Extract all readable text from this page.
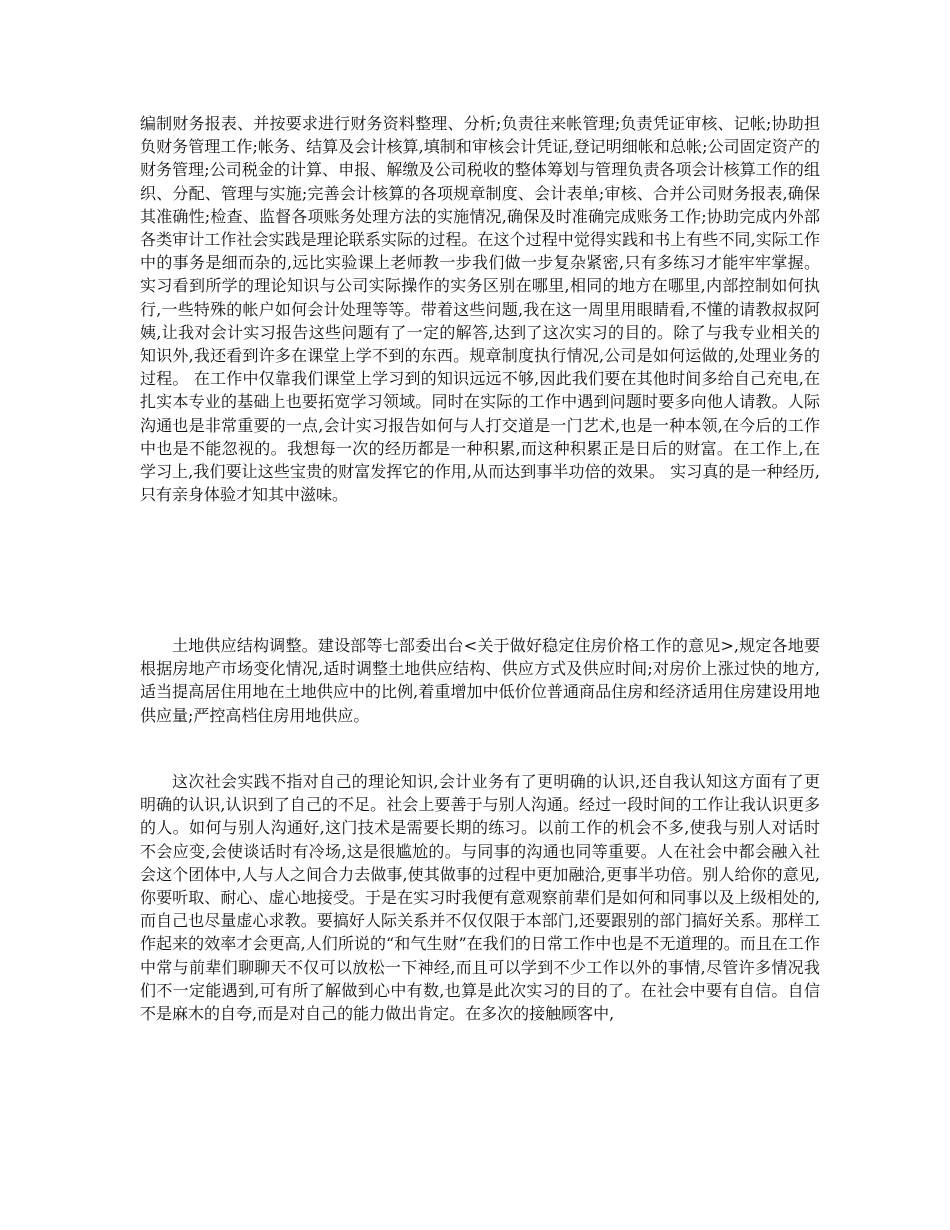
编制财务报表、并按要求进行财务资料整理、分析;负责往来帐管理;负责凭证审核、记帐;协助担负财务管理工作;帐务、结算及会计核算,填制和审核会计凭证,登记明细帐和总帐;公司固定资产的财务管理;公司税金的计算、申报、解缴及公司税收的整体筹划与管理负责各项会计核算工作的组织、分配、管理与实施;完善会计核算的各项规章制度、会计表单;审核、合并公司财务报表,确保其准确性;检查、监督各项账务处理方法的实施情况,确保及时准确完成账务工作;协助完成内外部各类审计工作社会实践是理论联系实际的过程。在这个过程中觉得实践和书上有些不同,实际工作中的事务是细而杂的,远比实验课上老师教一步我们做一步复杂紧密,只有多练习才能牢牢掌握。实习看到所学的理论知识与公司实际操作的实务区别在哪里,相同的地方在哪里,内部控制如何执行,一些特殊的帐户如何会计处理等等。带着这些问题,我在这一周里用眼睛看,不懂的请教叔叔阿姨,让我对会计实习报告这些问题有了一定的解答,达到了这次实习的目的。除了与我专业相关的知识外,我还看到许多在课堂上学不到的东西。规章制度执行情况,公司是如何运做的,处理业务的过程。 在工作中仅靠我们课堂上学习到的知识远远不够,因此我们要在其他时间多给自己充电,在扎实本专业的基础上也要拓宽学习领域。同时在实际的工作中遇到问题时要多向他人请教。人际沟通也是非常重要的一点,会计实习报告如何与人打交道是一门艺术,也是一种本领,在今后的工作中也是不能忽视的。我想每一次的经历都是一种积累,而这种积累正是日后的财富。在工作上,在学习上,我们要让这些宝贵的财富发挥它的作用,从而达到事半功倍的效果。 实习真的是一种经历,只有亲身体验才知其中滋味。

土地供应结构调整。建设部等七部委出台<关于做好稳定住房价格工作的意见>,规定各地要根据房地产市场变化情况,适时调整土地供应结构、供应方式及供应时间;对房价上涨过快的地方,适当提高居住用地在土地供应中的比例,着重增加中低价位普通商品住房和经济适用住房建设用地供应量;严控高档住房用地供应。

这次社会实践不指对自己的理论知识,会计业务有了更明确的认识,还自我认知这方面有了更明确的认识,认识到了自己的不足。社会上要善于与别人沟通。经过一段时间的工作让我认识更多的人。如何与别人沟通好,这门技术是需要长期的练习。以前工作的机会不多,使我与别人对话时不会应变,会使谈话时有冷场,这是很尴尬的。与同事的沟通也同等重要。人在社会中都会融入社会这个团体中,人与人之间合力去做事,使其做事的过程中更加融洽,更事半功倍。别人给你的意见,你要听取、耐心、虚心地接受。于是在实习时我便有意观察前辈们是如何和同事以及上级相处的,而自己也尽量虚心求教。要搞好人际关系并不仅仅限于本部门,还要跟别的部门搞好关系。那样工作起来的效率才会更高,人们所说的“和气生财”在我们的日常工作中也是不无道理的。而且在工作中常与前辈们聊聊天不仅可以放松一下神经,而且可以学到不少工作以外的事情,尽管许多情况我们不一定能遇到,可有所了解做到心中有数,也算是此次实习的目的了。在社会中要有自信。自信不是麻木的自夸,而是对自己的能力做出肯定。在多次的接触顾客中,
